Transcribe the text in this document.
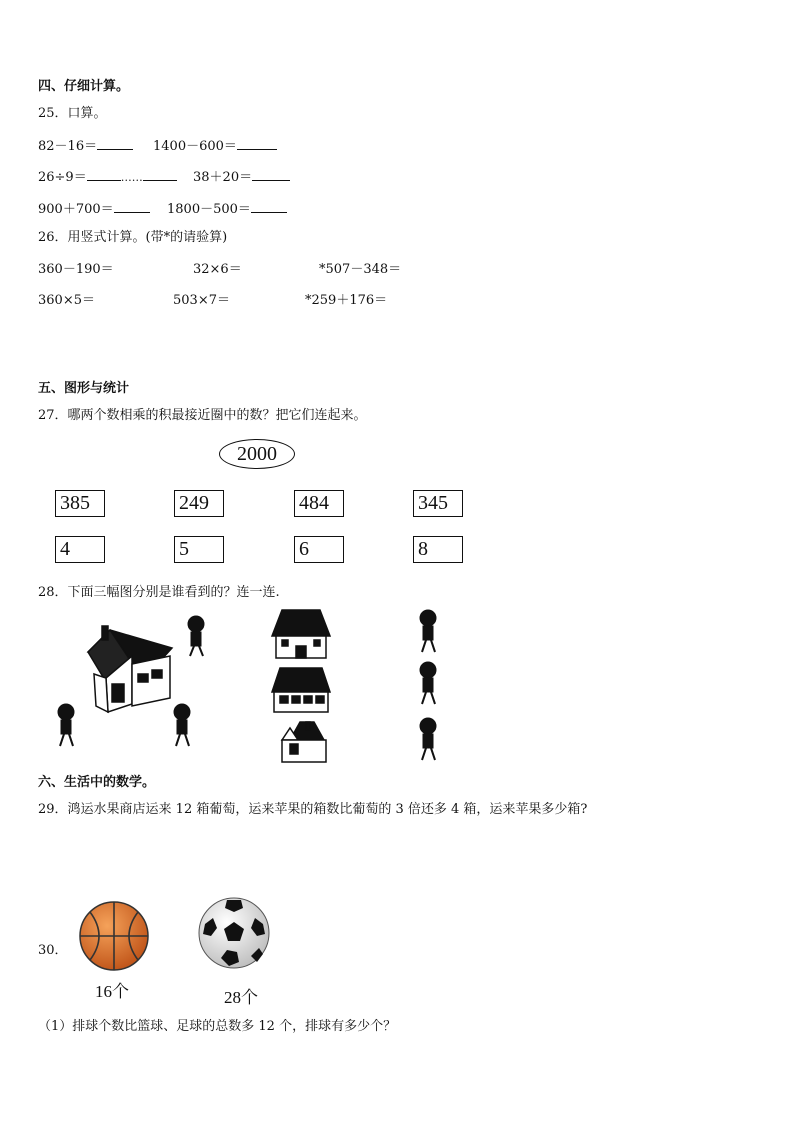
四、仔细计算。
25．口算。
82－16＝	1400－600＝
26÷9＝	……	38＋20＝
900＋700＝	1800－500＝
26．用竖式计算。(带*的请验算)
360－190＝	32×6＝	*507－348＝
360×5＝	503×7＝	*259＋176＝
五、图形与统计
27．哪两个数相乘的积最接近圈中的数？把它们连起来。
2000
385	249	484	345
4	5	6	8
28．下面三幅图分别是谁看到的？连一连.
六、生活中的数学。
29．鸿运水果商店运来 12 箱葡萄，运来苹果的箱数比葡萄的 3 倍还多 4 箱，运来苹果多少箱?
30．
16个	28个
（1）排球个数比篮球、足球的总数多 12 个，排球有多少个？
